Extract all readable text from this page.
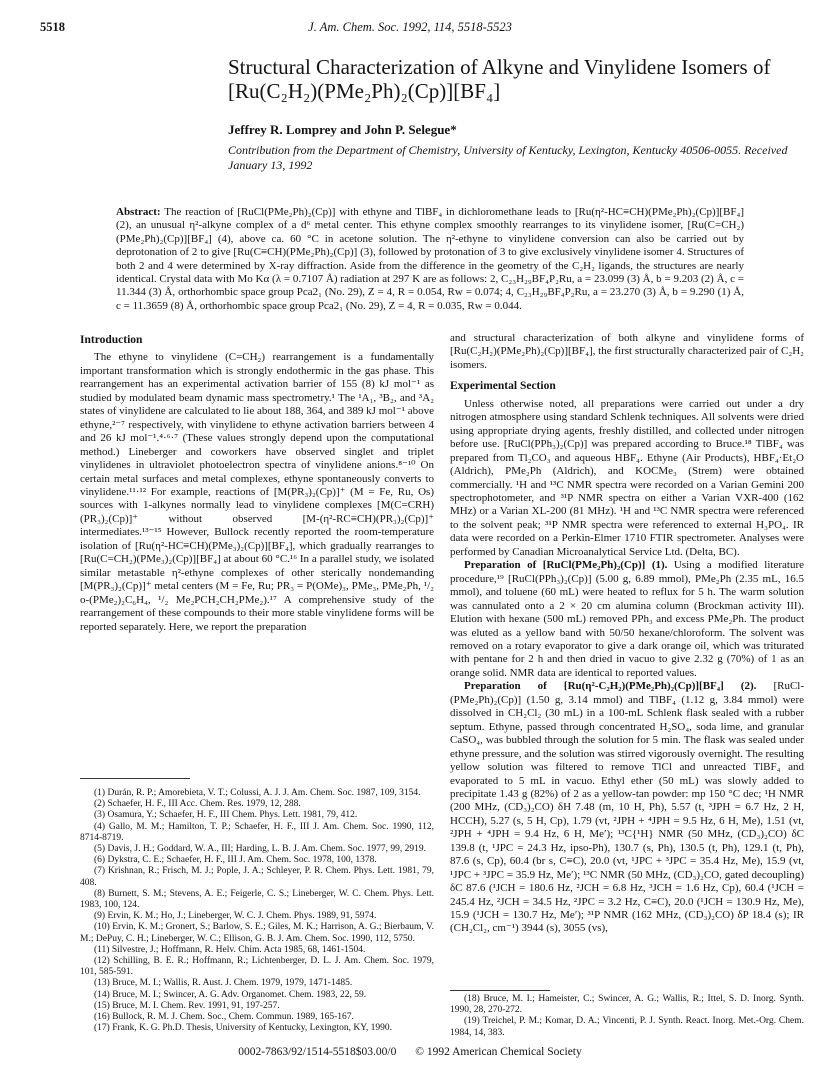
5518	J. Am. Chem. Soc. 1992, 114, 5518-5523
Structural Characterization of Alkyne and Vinylidene Isomers of [Ru(C₂H₂)(PMe₂Ph)₂(Cp)][BF₄]
Jeffrey R. Lomprey and John P. Selegue*
Contribution from the Department of Chemistry, University of Kentucky, Lexington, Kentucky 40506-0055. Received January 13, 1992
Abstract: The reaction of [RuCl(PMe₂Ph)₂(Cp)] with ethyne and TlBF₄ in dichloromethane leads to [Ru(η²-HC≡CH)(PMe₂Ph)₂(Cp)][BF₄] (2), an unusual η²-alkyne complex of a d⁶ metal center. This ethyne complex smoothly rearranges to its vinylidene isomer, [Ru(C=CH₂)(PMe₂Ph)₂(Cp)][BF₄] (4), above ca. 60 °C in acetone solution. The η²-ethyne to vinylidene conversion can also be carried out by deprotonation of 2 to give [Ru(C≡CH)(PMe₂Ph)₂(Cp)] (3), followed by protonation of 3 to give exclusively vinylidene isomer 4. Structures of both 2 and 4 were determined by X-ray diffraction. Aside from the difference in the geometry of the C₂H₂ ligands, the structures are nearly identical. Crystal data with Mo Kα (λ = 0.7107 Å) radiation at 297 K are as follows: 2, C₂₃H₂₉BF₄P₂Ru, a = 23.099 (3) Å, b = 9.203 (2) Å, c = 11.344 (3) Å, orthorhombic space group Pca2₁ (No. 29), Z = 4, R = 0.054, Rw = 0.074; 4, C₂₃H₂₉BF₄P₂Ru, a = 23.270 (3) Å, b = 9.290 (1) Å, c = 11.3659 (8) Å, orthorhombic space group Pca2₁ (No. 29), Z = 4, R = 0.035, Rw = 0.044.
Introduction

The ethyne to vinylidene (C=CH₂) rearrangement is a fundamentally important transformation which is strongly endothermic in the gas phase. This rearrangement has an experimental activation barrier of 155 (8) kJ mol⁻¹ as studied by modulated beam dynamic mass spectrometry.¹ The ¹A₁, ³B₂, and ³A₂ states of vinylidene are calculated to lie about 188, 364, and 389 kJ mol⁻¹ above ethyne,²⁻⁷ respectively, with vinylidene to ethyne activation barriers between 4 and 26 kJ mol⁻¹.⁴·⁶·⁷ (These values strongly depend upon the computational method.) Lineberger and coworkers have observed singlet and triplet vinylidenes in ultraviolet photoelectron spectra of vinylidene anions.⁸⁻¹⁰ On certain metal surfaces and metal complexes, ethyne spontaneously converts to vinylidene.¹¹·¹² For example, reactions of [M(PR₃)₂(Cp)]⁺ (M = Fe, Ru, Os) sources with 1-alkynes normally lead to vinylidene complexes [M(C=CRH)(PR₃)₂(Cp)]⁺ without observed [M-(η²-RC≡CH)(PR₃)₂(Cp)]⁺ intermediates.¹³⁻¹⁵ However, Bullock recently reported the room-temperature isolation of [Ru(η²-HC≡CH)(PMe₃)₂(Cp)][BF₄], which gradually rearranges to [Ru(C=CH₂)(PMe₃)₂(Cp)][BF₄] at about 60 °C.¹⁶ In a parallel study, we isolated similar metastable η²-ethyne complexes of other sterically nondemanding [M(PR₃)₂(Cp)]⁺ metal centers (M = Fe, Ru; PR₃ = P(OMe)₃, PMe₃, PMe₂Ph, ¹/₂ o-(PMe₂)₂C₆H₄, ¹/₂ Me₂PCH₂CH₂PMe₂).¹⁷ A comprehensive study of the rearrangement of these compounds to their more stable vinylidene forms will be reported separately. Here, we report the preparation

(1) Durán, R. P.; Amorebieta, V. T.; Colussi, A. J. J. Am. Chem. Soc. 1987, 109, 3154.
(2) Schaefer, H. F., III Acc. Chem. Res. 1979, 12, 288.
(3) Osamura, Y.; Schaefer, H. F., III Chem. Phys. Lett. 1981, 79, 412.
(4) Gallo, M. M.; Hamilton, T. P.; Schaefer, H. F., III J. Am. Chem. Soc. 1990, 112, 8714-8719.
(5) Davis, J. H.; Goddard, W. A., III; Harding, L. B. J. Am. Chem. Soc. 1977, 99, 2919.
(6) Dykstra, C. E.; Schaefer, H. F., III J. Am. Chem. Soc. 1978, 100, 1378.
(7) Krishnan, R.; Frisch, M. J.; Pople, J. A.; Schleyer, P. R. Chem. Phys. Lett. 1981, 79, 408.
(8) Burnett, S. M.; Stevens, A. E.; Feigerle, C. S.; Lineberger, W. C. Chem. Phys. Lett. 1983, 100, 124.
(9) Ervin, K. M.; Ho, J.; Lineberger, W. C. J. Chem. Phys. 1989, 91, 5974.
(10) Ervin, K. M.; Gronert, S.; Barlow, S. E.; Giles, M. K.; Harrison, A. G.; Bierbaum, V. M.; DePuy, C. H.; Lineberger, W. C.; Ellison, G. B. J. Am. Chem. Soc. 1990, 112, 5750.
(11) Silvestre, J.; Hoffmann, R. Helv. Chim. Acta 1985, 68, 1461-1504.
(12) Schilling, B. E. R.; Hoffmann, R.; Lichtenberger, D. L. J. Am. Chem. Soc. 1979, 101, 585-591.
(13) Bruce, M. I.; Wallis, R. Aust. J. Chem. 1979, 1979, 1471-1485.
(14) Bruce, M. I.; Swincer, A. G. Adv. Organomet. Chem. 1983, 22, 59.
(15) Bruce, M. I. Chem. Rev. 1991, 91, 197-257.
(16) Bullock, R. M. J. Chem. Soc., Chem. Commun. 1989, 165-167.
(17) Frank, K. G. Ph.D. Thesis, University of Kentucky, Lexington, KY, 1990.

and structural characterization of both alkyne and vinylidene forms of [Ru(C₂H₂)(PMe₂Ph)₂(Cp)][BF₄], the first structurally characterized pair of C₂H₂ isomers.

Experimental Section

Unless otherwise noted, all preparations were carried out under a dry nitrogen atmosphere using standard Schlenk techniques. All solvents were dried using appropriate drying agents, freshly distilled, and collected under nitrogen before use. [RuCl(PPh₃)₂(Cp)] was prepared according to Bruce.¹⁸ TlBF₄ was prepared from Tl₂CO₃ and aqueous HBF₄. Ethyne (Air Products), HBF₄·Et₂O (Aldrich), PMe₂Ph (Aldrich), and KOCMe₃ (Strem) were obtained commercially. ¹H and ¹³C NMR spectra were recorded on a Varian Gemini 200 spectrophotometer, and ³¹P NMR spectra on either a Varian VXR-400 (162 MHz) or a Varian XL-200 (81 MHz). ¹H and ¹³C NMR spectra were referenced to the solvent peak; ³¹P NMR spectra were referenced to external H₃PO₄. IR data were recorded on a Perkin-Elmer 1710 FTIR spectrometer. Analyses were performed by Canadian Microanalytical Service Ltd. (Delta, BC).

Preparation of [RuCl(PMe₂Ph)₂(Cp)] (1). Using a modified literature procedure,¹⁹ [RuCl(PPh₃)₂(Cp)] (5.00 g, 6.89 mmol), PMe₂Ph (2.35 mL, 16.5 mmol), and toluene (60 mL) were heated to reflux for 5 h. The warm solution was cannulated onto a 2 × 20 cm alumina column (Brockman activity III). Elution with hexane (500 mL) removed PPh₃ and excess PMe₂Ph. The product was eluted as a yellow band with 50/50 hexane/chloroform. The solvent was removed on a rotary evaporator to give a dark orange oil, which was triturated with pentane for 2 h and then dried in vacuo to give 2.32 g (70%) of 1 as an orange solid. NMR data are identical to reported values.

Preparation of [Ru(η²-C₂H₂)(PMe₂Ph)₂(Cp)][BF₄] (2). [RuCl-(PMe₂Ph)₂(Cp)] (1.50 g, 3.14 mmol) and TlBF₄ (1.12 g, 3.84 mmol) were dissolved in CH₂Cl₂ (30 mL) in a 100-mL Schlenk flask sealed with a rubber septum. Ethyne, passed through concentrated H₂SO₄, soda lime, and granular CaSO₄, was bubbled through the solution for 5 min. The flask was sealed under ethyne pressure, and the solution was stirred vigorously overnight. The resulting yellow solution was filtered to remove TlCl and unreacted TlBF₄ and evaporated to 5 mL in vacuo. Ethyl ether (50 mL) was slowly added to precipitate 1.43 g (82%) of 2 as a yellow-tan powder: mp 150 °C dec; ¹H NMR (200 MHz, (CD₃)₂CO) δH 7.48 (m, 10 H, Ph), 5.57 (t, ³JPH = 6.7 Hz, 2 H, HCCH), 5.27 (s, 5 H, Cp), 1.79 (vt, ²JPH + ⁴JPH = 9.5 Hz, 6 H, Me), 1.51 (vt, ²JPH + ⁴JPH = 9.4 Hz, 6 H, Me′); ¹³C{¹H} NMR (50 MHz, (CD₃)₂CO) δC 139.8 (t, ¹JPC = 24.3 Hz, ipso-Ph), 130.7 (s, Ph), 130.5 (t, Ph), 129.1 (t, Ph), 87.6 (s, Cp), 60.4 (br s, C≡C), 20.0 (vt, ¹JPC + ³JPC = 35.4 Hz, Me), 15.9 (vt, ¹JPC + ³JPC = 35.9 Hz, Me′); ¹³C NMR (50 MHz, (CD₃)₂CO, gated decoupling) δC 87.6 (¹JCH = 180.6 Hz, ²JCH = 6.8 Hz, ³JCH = 1.6 Hz, Cp), 60.4 (¹JCH = 245.4 Hz, ²JCH = 34.5 Hz, ²JPC = 3.2 Hz, C≡C), 20.0 (¹JCH = 130.9 Hz, Me), 15.9 (¹JCH = 130.7 Hz, Me′); ³¹P NMR (162 MHz, (CD₃)₂CO) δP 18.4 (s); IR (CH₂Cl₂, cm⁻¹) 3944 (s), 3055 (vs),

(18) Bruce, M. I.; Hameister, C.; Swincer, A. G.; Wallis, R.; Ittel, S. D. Inorg. Synth. 1990, 28, 270-272.
(19) Treichel, P. M.; Komar, D. A.; Vincenti, P. J. Synth. React. Inorg. Met.-Org. Chem. 1984, 14, 383.
0002-7863/92/1514-5518$03.00/0 © 1992 American Chemical Society
